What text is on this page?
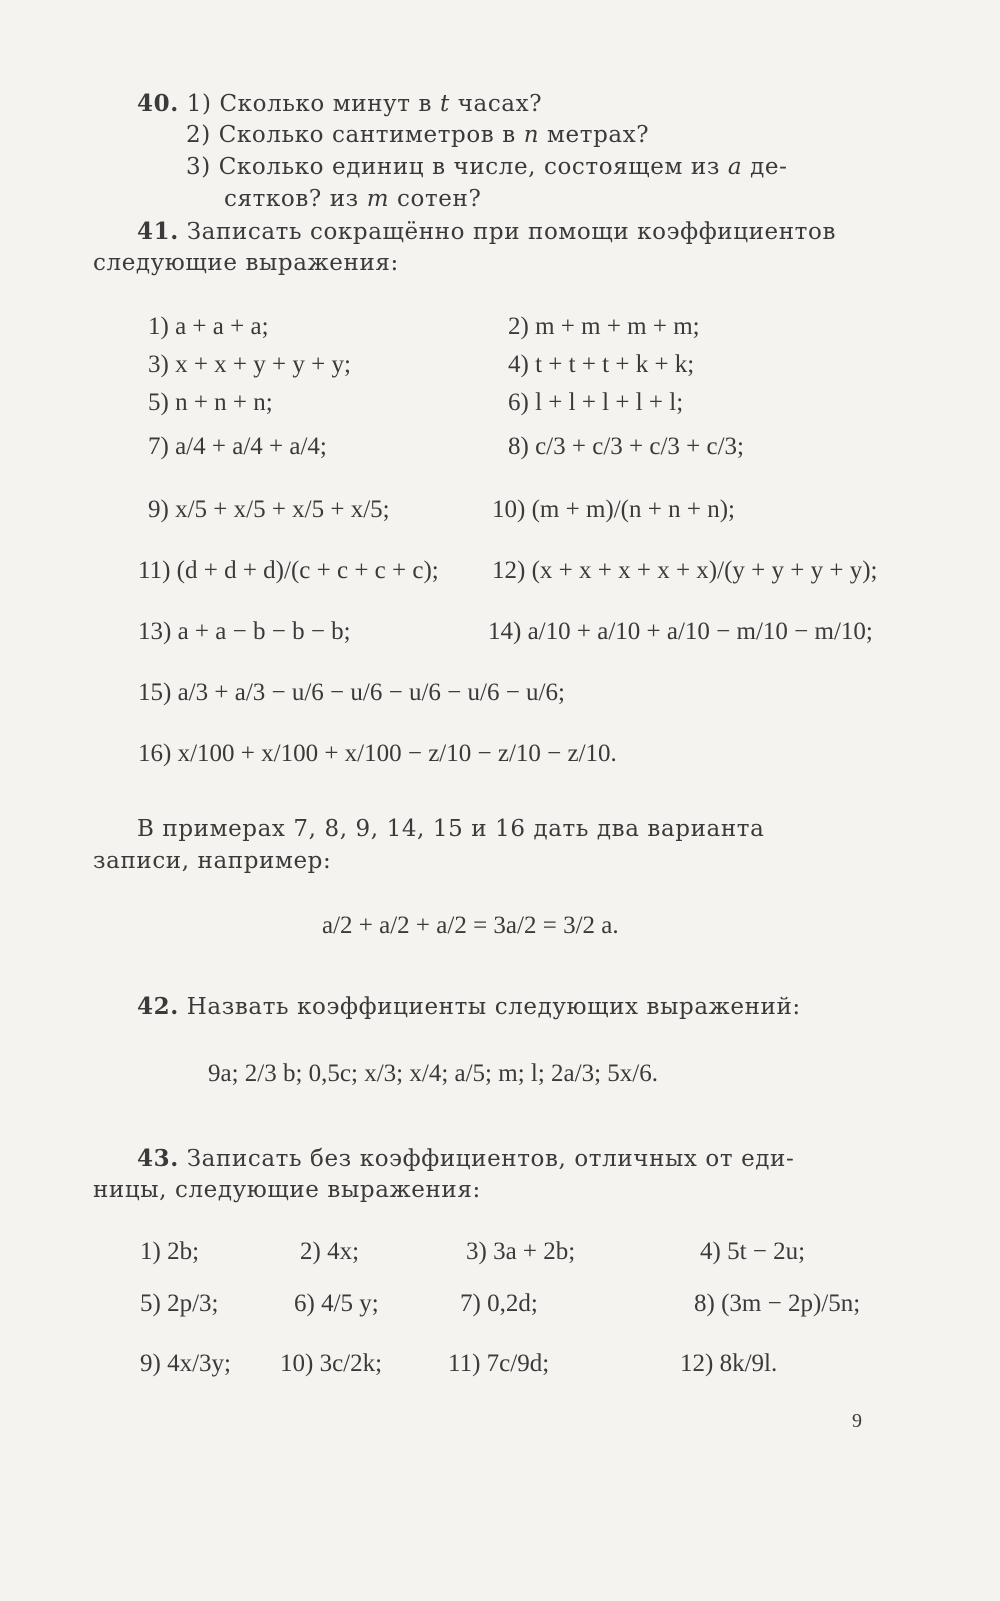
40. 1) Сколько минут в t часах?
2) Сколько сантиметров в n метрах?
3) Сколько единиц в числе, состоящем из a де-
сятков? из m сотен?
41. Записать сокращённо при помощи коэффициентов
следующие выражения:
1) a + a + a;	2) m + m + m + m;
3) x + x + y + y + y;	4) t + t + t + k + k;
5) n + n + n;	6) l + l + l + l + l;
7) a/4 + a/4 + a/4;	8) c/3 + c/3 + c/3 + c/3;
9) x/5 + x/5 + x/5 + x/5;	10) (m + m)/(n + n + n);
11) (d + d + d)/(c + c + c + c); 12) (x + x + x + x + x)/(y + y + y + y);
13) a + a − b − b − b;	14) a/10 + a/10 + a/10 − m/10 − m/10;
15) a/3 + a/3 − u/6 − u/6 − u/6 − u/6 − u/6;
16) x/100 + x/100 + x/100 − z/10 − z/10 − z/10.
В примерах 7, 8, 9, 14, 15 и 16 дать два варианта
записи, например:
a/2 + a/2 + a/2 = 3a/2 = 3/2 a.
42. Назвать коэффициенты следующих выражений:
9a; 2/3 b; 0,5c; x/3; x/4; a/5; m; l; 2a/3; 5x/6.
43. Записать без коэффициентов, отличных от еди-
ницы, следующие выражения:
1) 2b;	2) 4x;	3) 3a + 2b;	4) 5t − 2u;
5) 2p/3;	6) 4/5 y;	7) 0,2d;	8) (3m − 2p)/5n;
9) 4x/3y; 10) 3c/2k;	11) 7c/9d;	12) 8k/9l.
9
